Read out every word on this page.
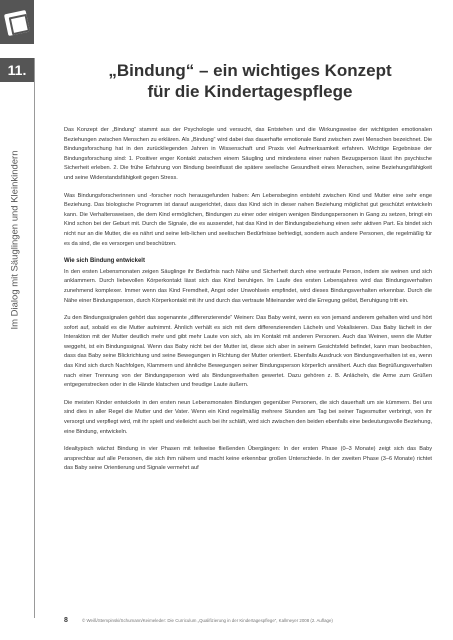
11.
Im Dialog mit Säuglingen und Kleinkindern
„Bindung“ – ein wichtiges Konzept
für die Kindertagespflege

Das Konzept der „Bindung“ stammt aus der Psychologie und versucht, das Entstehen und die Wirkungsweise der wichtigsten emotionalen Beziehungen zwischen Menschen zu erklären. Als „Bindung“ wird dabei das dauerhafte emotionale Band zwischen zwei Menschen bezeichnet. Die Bindungsforschung hat in den zurückliegenden Jahren in Wissenschaft und Praxis viel Aufmerksamkeit erfahren. Wichtige Ergebnisse der Bindungsforschung sind: 1. Positiver enger Kontakt zwischen einem Säugling und mindestens einer nahen Bezugsperson lässt ihn psychische Sicherheit erleben. 2. Die frühe Erfahrung von Bindung beeinflusst die spätere seelische Gesundheit eines Menschen, seine Beziehungsfähigkeit und seine Widerstandsfähigkeit gegen Stress.

Was Bindungsforscherinnen und -forscher noch herausgefunden haben: Am Lebensbeginn entsteht zwischen Kind und Mutter eine sehr enge Beziehung. Das biologische Programm ist darauf ausgerichtet, dass das Kind sich in dieser nahen Beziehung möglichst gut geschützt entwickeln kann. Die Verhaltensweisen, die dem Kind ermöglichen, Bindungen zu einer oder einigen wenigen Bindungspersonen in Gang zu setzen, bringt ein Kind schon bei der Geburt mit. Durch die Signale, die es aussendet, hat das Kind in der Bindungsbeziehung einen sehr aktiven Part. Es bindet sich nicht nur an die Mutter, die es nährt und seine leib-lichen und seelischen Bedürfnisse befriedigt, sondern auch andere Personen, die regelmäßig für es da sind, die es versorgen und beschützen.

Wie sich Bindung entwickelt

In den ersten Lebensmonaten zeigen Säuglinge ihr Bedürfnis nach Nähe und Sicherheit durch eine vertraute Person, indem sie weinen und sich anklammern. Durch liebevollen Körperkontakt lässt sich das Kind beruhigen. Im Laufe des ersten Lebensjahres wird das Bindungsverhalten zunehmend komplexer. Immer wenn das Kind Fremdheit, Angst oder Unwohlsein empfindet, wird dieses Bindungsverhalten erkennbar. Durch die Nähe einer Bindungsperson, durch Körperkontakt mit ihr und durch das vertraute Miteinander wird die Erregung gelöst, Beruhigung tritt ein.

Zu den Bindungssignalen gehört das sogenannte „differenzierende“ Weinen: Das Baby weint, wenn es von jemand anderem gehalten wird und hört sofort auf, sobald es die Mutter aufnimmt. Ähnlich verhält es sich mit dem differenzierenden Lächeln und Vokalisieren. Das Baby lächelt in der Interaktion mit der Mutter deutlich mehr und gibt mehr Laute von sich, als im Kontakt mit anderen Personen. Auch das Weinen, wenn die Mutter weggeht, ist ein Bindungssignal. Wenn das Baby nicht bei der Mutter ist, diese sich aber in seinem Gesichtsfeld befindet, kann man beobachten, dass das Baby seine Blickrichtung und seine Bewegungen in Richtung der Mutter orientiert. Ebenfalls Ausdruck von Bindungsverhalten ist es, wenn das Kind sich durch Nachfolgen, Klammern und ähnliche Bewegungen seiner Bindungsperson körperlich annähert. Auch das Begrüßungsverhalten nach einer Trennung von der Bindungsperson wird als Bindungsverhalten gewertet. Dazu gehören z. B. Anlächeln, die Arme zum Grüßen entgegenstrecken oder in die Hände klatschen und freudige Laute äußern.

Die meisten Kinder entwickeln in den ersten neun Lebensmonaten Bindungen gegenüber Personen, die sich dauerhaft um sie kümmern. Bei uns sind dies in aller Regel die Mutter und der Vater. Wenn ein Kind regelmäßig mehrere Stunden am Tag bei seiner Tagesmutter verbringt, von ihr versorgt und verpflegt wird, mit ihr spielt und vielleicht auch bei ihr schläft, wird sich zwischen den beiden ebenfalls eine bedeutungsvolle Beziehung, eine Bindung, entwickeln.

Idealtypisch wächst Bindung in vier Phasen mit teilweise fließenden Übergängen: In der ersten Phase (0–3 Monate) zeigt sich das Baby ansprechbar auf alle Personen, die sich ihm nähern und macht keine erkennbar großen Unterschiede. In der zweiten Phase (3–6 Monate) richtet das Baby seine Orientierung und Signale vermehrt auf

8	© Weiß/Stempinski/Schumann/Keimeleder: Die Curriculum „Qualifizierung in der Kindertagespflege“, Kallmeyer 2008 (2. Auflage)
